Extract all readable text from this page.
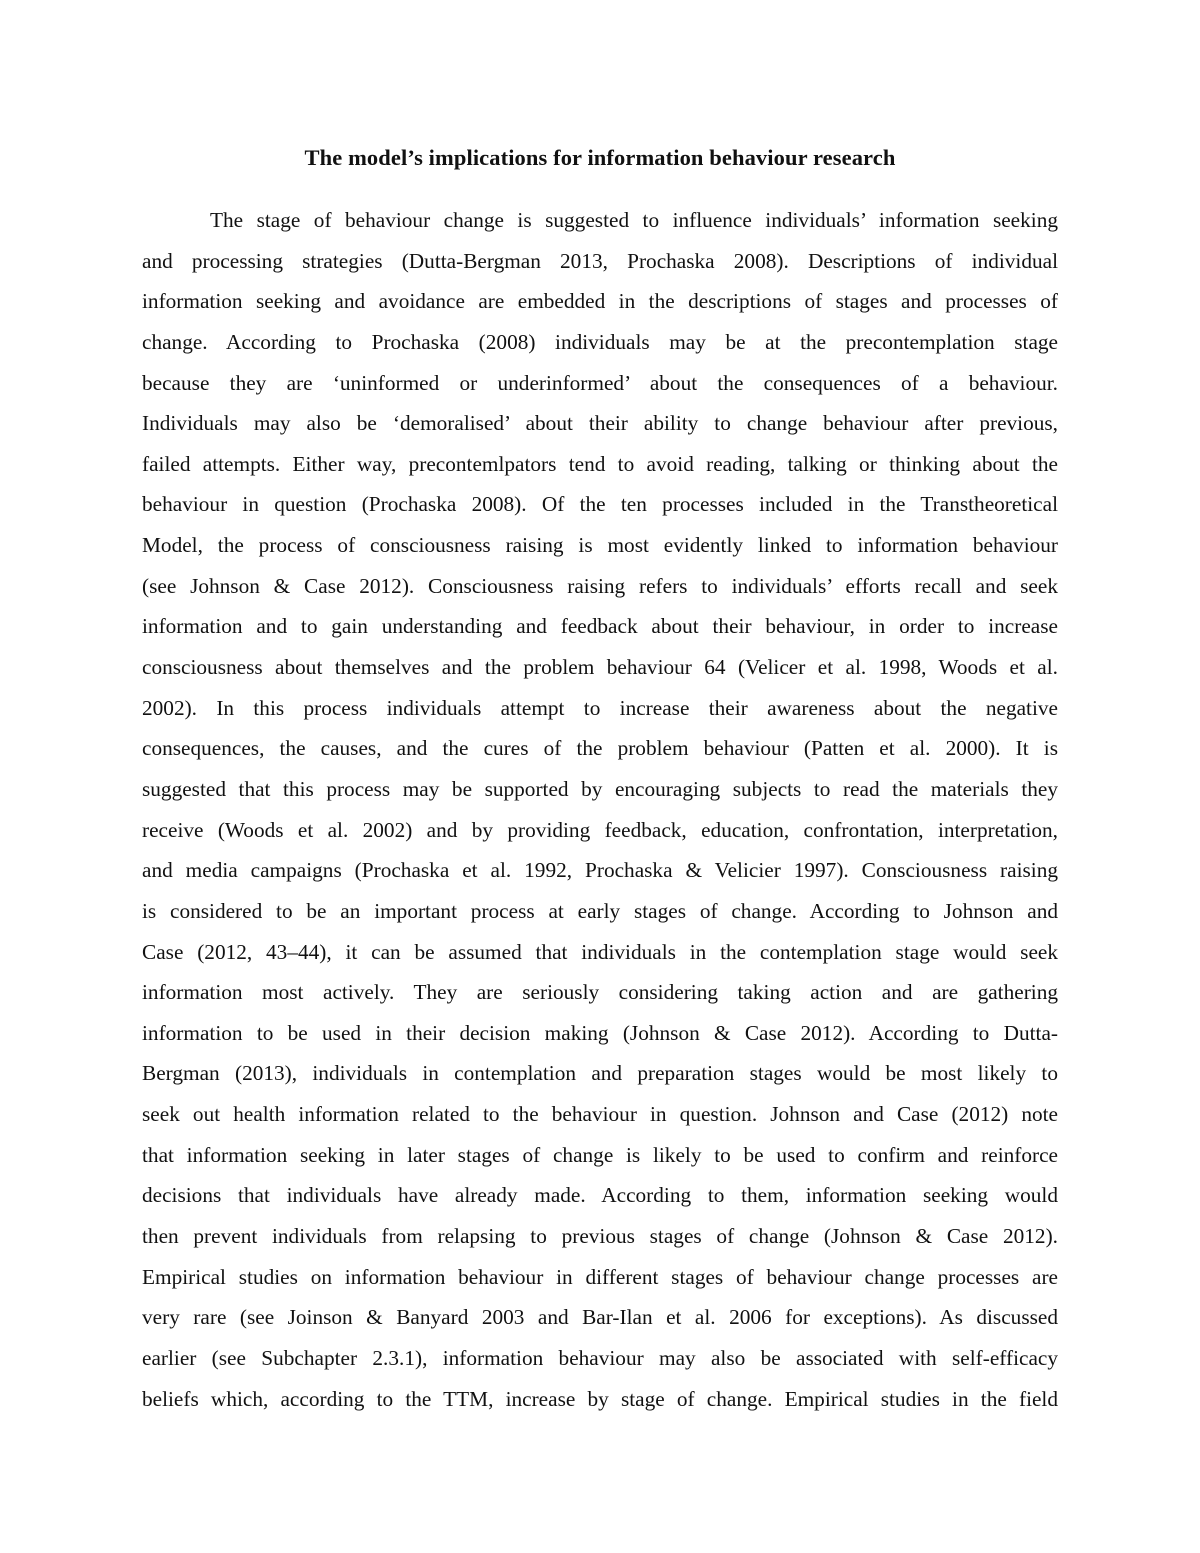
The model’s implications for information behaviour research
The stage of behaviour change is suggested to influence individuals’ information seeking
and processing strategies (Dutta-Bergman 2013, Prochaska 2008). Descriptions of individual
information seeking and avoidance are embedded in the descriptions of stages and processes of
change. According to Prochaska (2008) individuals may be at the precontemplation stage
because they are ‘uninformed or underinformed’ about the consequences of a behaviour.
Individuals may also be ‘demoralised’ about their ability to change behaviour after previous,
failed attempts. Either way, precontemlpators tend to avoid reading, talking or thinking about the
behaviour in question (Prochaska 2008). Of the ten processes included in the Transtheoretical
Model, the process of consciousness raising is most evidently linked to information behaviour
(see Johnson & Case 2012). Consciousness raising refers to individuals’ efforts recall and seek
information and to gain understanding and feedback about their behaviour, in order to increase
consciousness about themselves and the problem behaviour 64 (Velicer et al. 1998, Woods et al.
2002). In this process individuals attempt to increase their awareness about the negative
consequences, the causes, and the cures of the problem behaviour (Patten et al. 2000). It is
suggested that this process may be supported by encouraging subjects to read the materials they
receive (Woods et al. 2002) and by providing feedback, education, confrontation, interpretation,
and media campaigns (Prochaska et al. 1992, Prochaska & Velicier 1997). Consciousness raising
is considered to be an important process at early stages of change. According to Johnson and
Case (2012, 43–44), it can be assumed that individuals in the contemplation stage would seek
information most actively. They are seriously considering taking action and are gathering
information to be used in their decision making (Johnson & Case 2012). According to Dutta-
Bergman (2013), individuals in contemplation and preparation stages would be most likely to
seek out health information related to the behaviour in question. Johnson and Case (2012) note
that information seeking in later stages of change is likely to be used to confirm and reinforce
decisions that individuals have already made. According to them, information seeking would
then prevent individuals from relapsing to previous stages of change (Johnson & Case 2012).
Empirical studies on information behaviour in different stages of behaviour change processes are
very rare (see Joinson & Banyard 2003 and Bar-Ilan et al. 2006 for exceptions). As discussed
earlier (see Subchapter 2.3.1), information behaviour may also be associated with self-efficacy
beliefs which, according to the TTM, increase by stage of change. Empirical studies in the field
